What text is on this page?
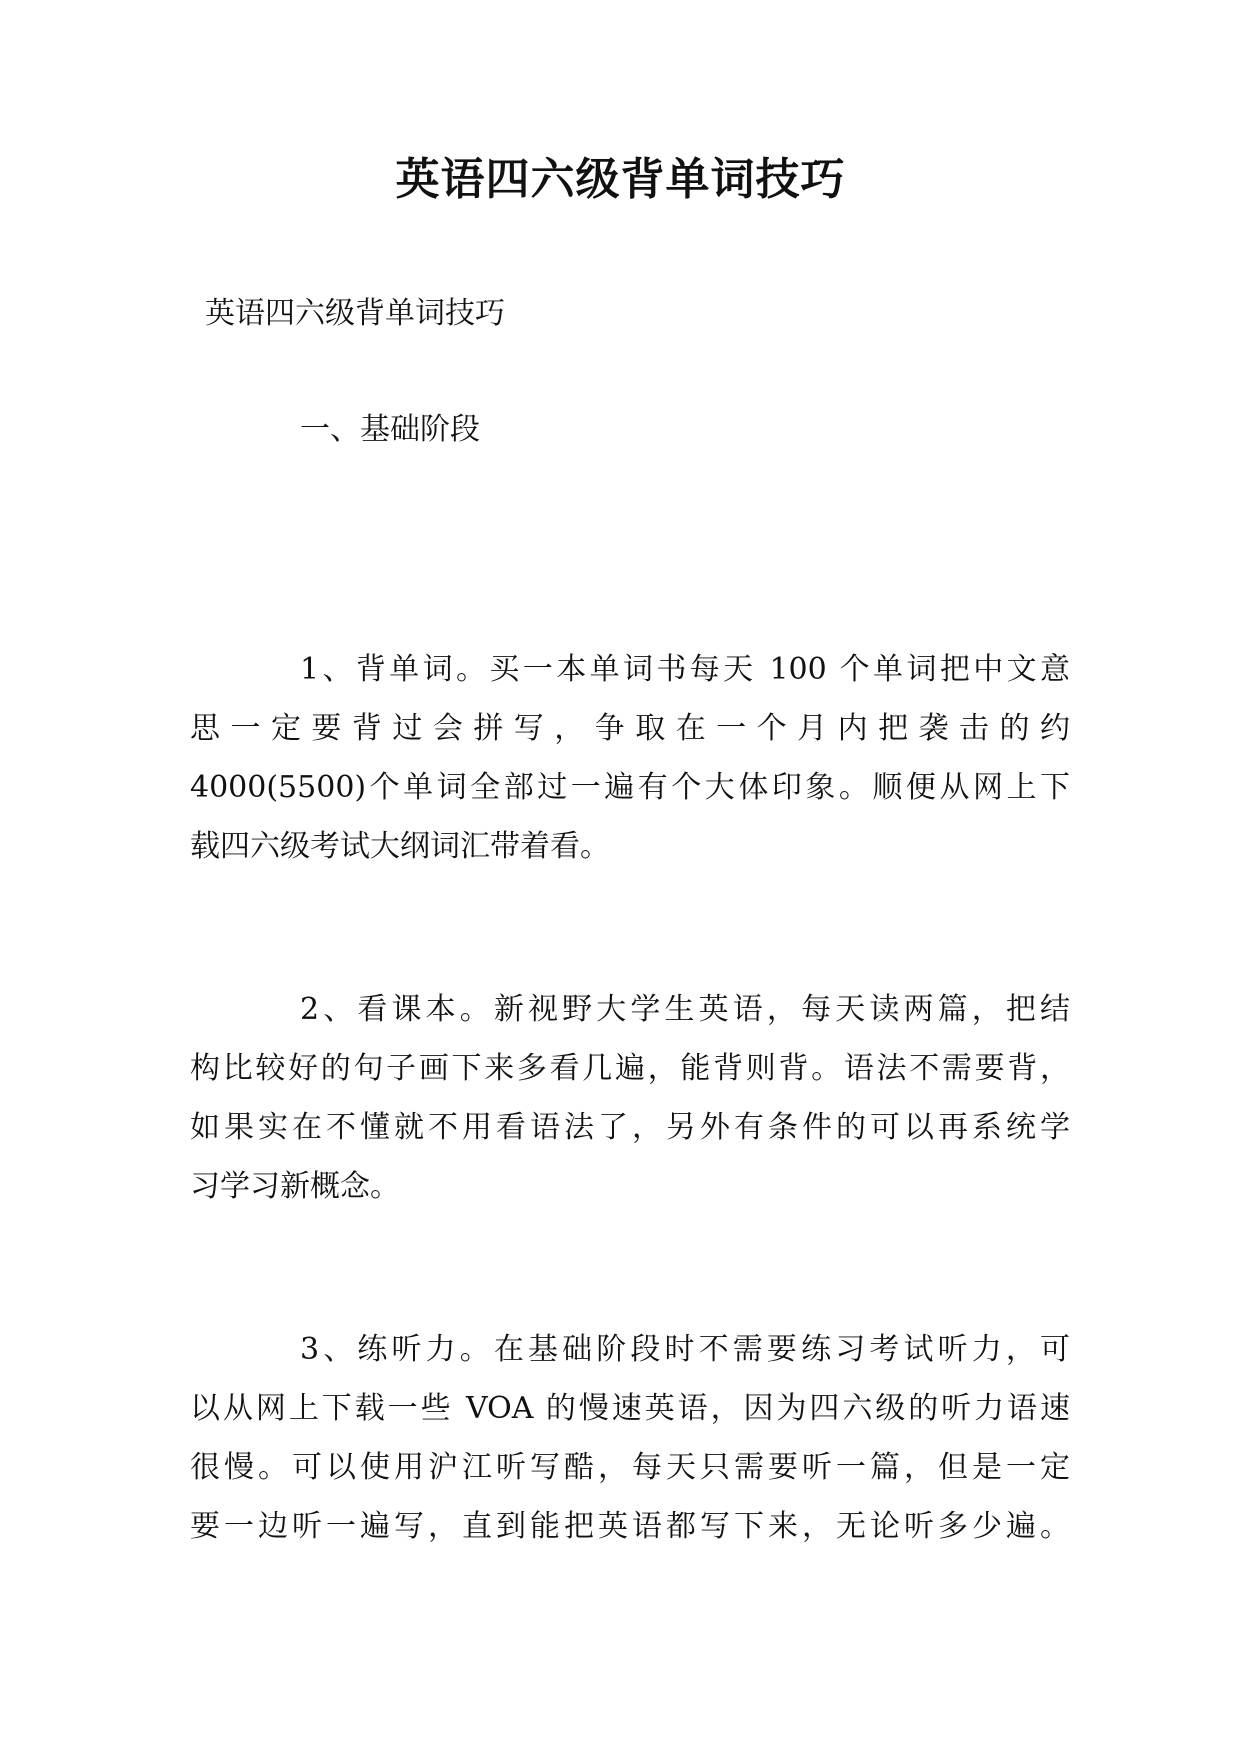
英语四六级背单词技巧
英语四六级背单词技巧
一、基础阶段
1、背单词。买一本单词书每天 100 个单词把中文意
思一定要背过会拼写，争取在一个月内把袭击的约
4000(5500)个单词全部过一遍有个大体印象。顺便从网上下
载四六级考试大纲词汇带着看。
2、看课本。新视野大学生英语，每天读两篇，把结
构比较好的句子画下来多看几遍，能背则背。语法不需要背，
如果实在不懂就不用看语法了，另外有条件的可以再系统学
习学习新概念。
3、练听力。在基础阶段时不需要练习考试听力，可
以从网上下载一些 VOA 的慢速英语，因为四六级的听力语速
很慢。可以使用沪江听写酷，每天只需要听一篇，但是一定
要一边听一遍写，直到能把英语都写下来，无论听多少遍。
